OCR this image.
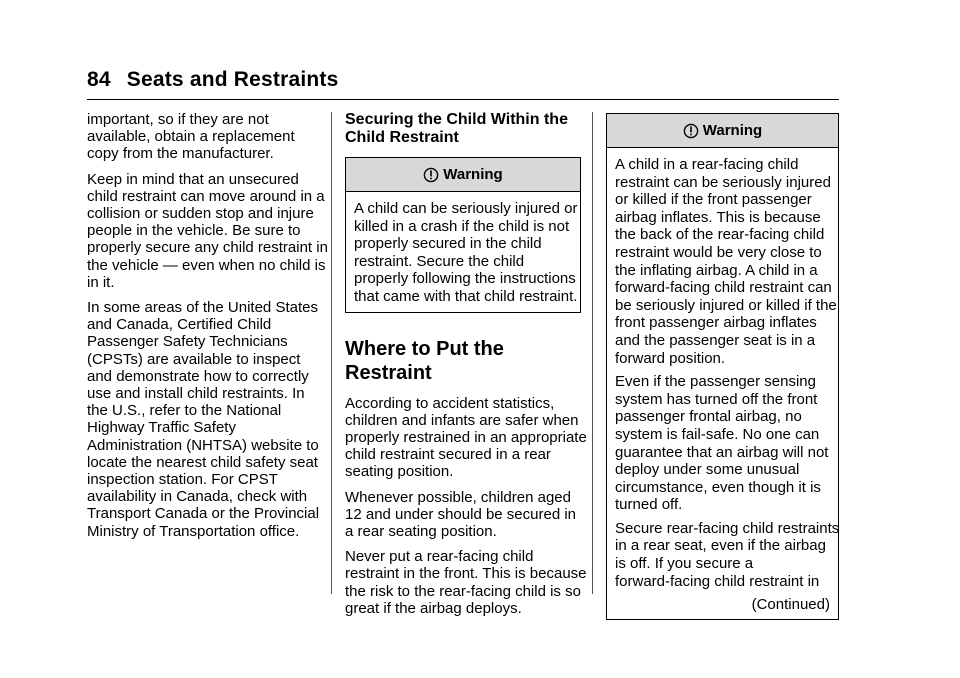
84 Seats and Restraints

important, so if they are not
available, obtain a replacement
copy from the manufacturer.

Keep in mind that an unsecured
child restraint can move around in a
collision or sudden stop and injure
people in the vehicle. Be sure to
properly secure any child restraint in
the vehicle — even when no child is
in it.

In some areas of the United States
and Canada, Certified Child
Passenger Safety Technicians
(CPSTs) are available to inspect
and demonstrate how to correctly
use and install child restraints. In
the U.S., refer to the National
Highway Traffic Safety
Administration (NHTSA) website to
locate the nearest child safety seat
inspection station. For CPST
availability in Canada, check with
Transport Canada or the Provincial
Ministry of Transportation office.

Securing the Child Within the
Child Restraint
Warning
A child can be seriously injured or
killed in a crash if the child is not
properly secured in the child
restraint. Secure the child
properly following the instructions
that came with that child restraint.
Where to Put the
Restraint

According to accident statistics,
children and infants are safer when
properly restrained in an appropriate
child restraint secured in a rear
seating position.

Whenever possible, children aged
12 and under should be secured in
a rear seating position.

Never put a rear-facing child
restraint in the front. This is because
the risk to the rear-facing child is so
great if the airbag deploys.

Warning

A child in a rear-facing child
restraint can be seriously injured
or killed if the front passenger
airbag inflates. This is because
the back of the rear-facing child
restraint would be very close to
the inflating airbag. A child in a
forward-facing child restraint can
be seriously injured or killed if the
front passenger airbag inflates
and the passenger seat is in a
forward position.

Even if the passenger sensing
system has turned off the front
passenger frontal airbag, no
system is fail-safe. No one can
guarantee that an airbag will not
deploy under some unusual
circumstance, even though it is
turned off.

Secure rear-facing child restraints
in a rear seat, even if the airbag
is off. If you secure a
forward-facing child restraint in

(Continued)
